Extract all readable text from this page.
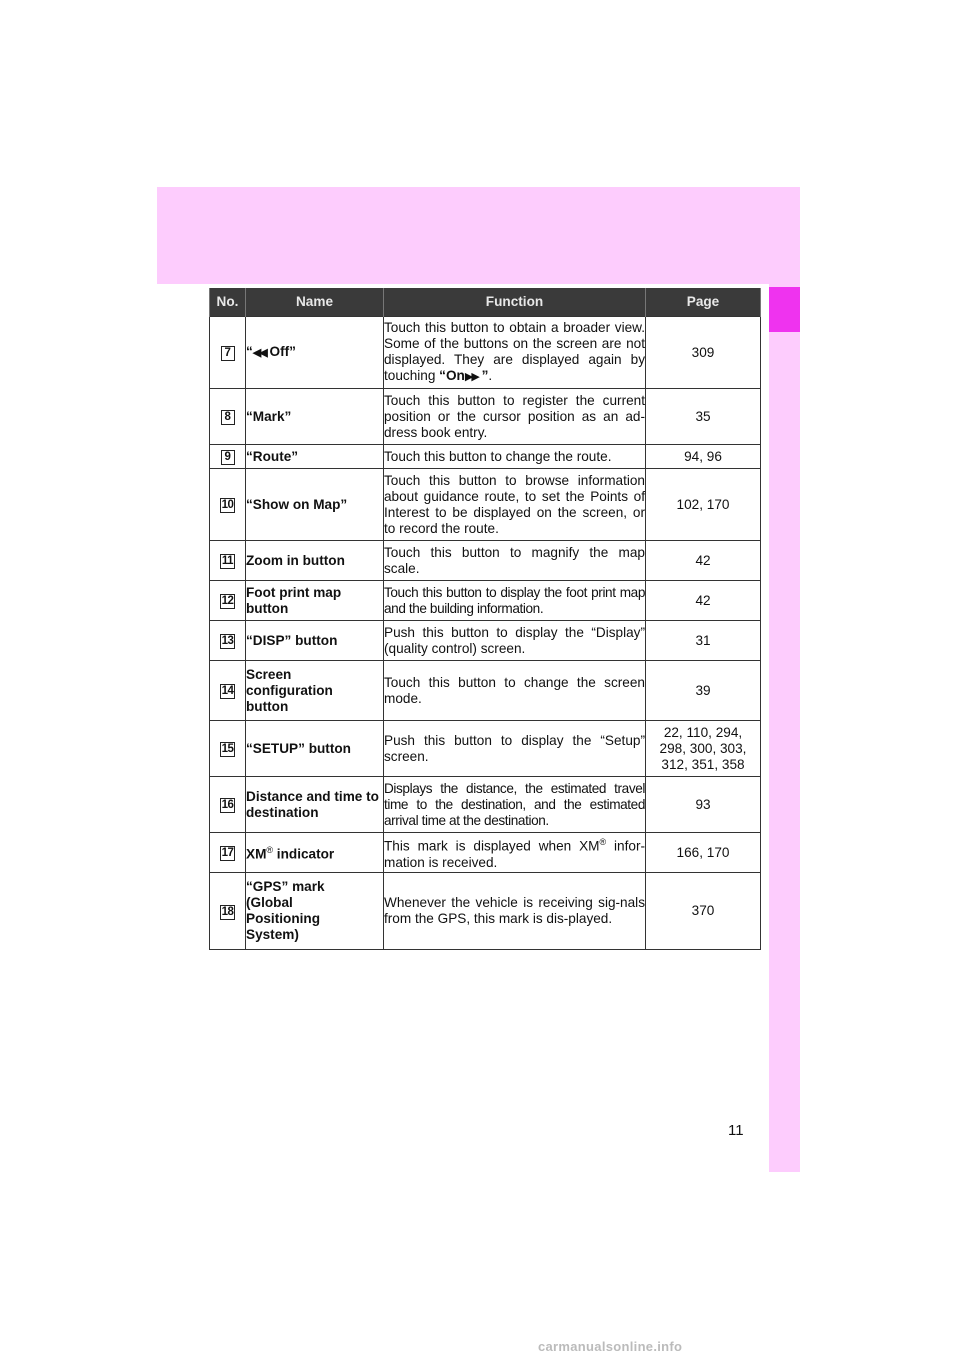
No.	Name	Function	Page
7	“◀◀ Off”	Touch this button to obtain a broader view. Some of the buttons on the screen are not displayed. They are displayed again by touching “On▶▶ ”.	309
8	“Mark”	Touch this button to register the current position or the cursor position as an ad-dress book entry.	35
9	“Route”	Touch this button to change the route.	94, 96
10	“Show on Map”	Touch this button to browse information about guidance route, to set the Points of Interest to be displayed on the screen, or to record the route.	102, 170
11	Zoom in button	Touch this button to magnify the map scale.	42
12	Foot print map button	Touch this button to display the foot print map and the building information.	42
13	“DISP” button	Push this button to display the “Display” (quality control) screen.	31
14	Screen configuration button	Touch this button to change the screen mode.	39
15	“SETUP” button	Push this button to display the “Setup” screen.	22, 110, 294, 298, 300, 303, 312, 351, 358
16	Distance and time to destination	Displays the distance, the estimated travel time to the destination, and the estimated arrival time at the destination.	93
17	XM® indicator	This mark is displayed when XM® infor-mation is received.	166, 170
18	“GPS” mark (Global Positioning System)	Whenever the vehicle is receiving sig-nals from the GPS, this mark is dis-played.	370
11
carmanualsonline.info
